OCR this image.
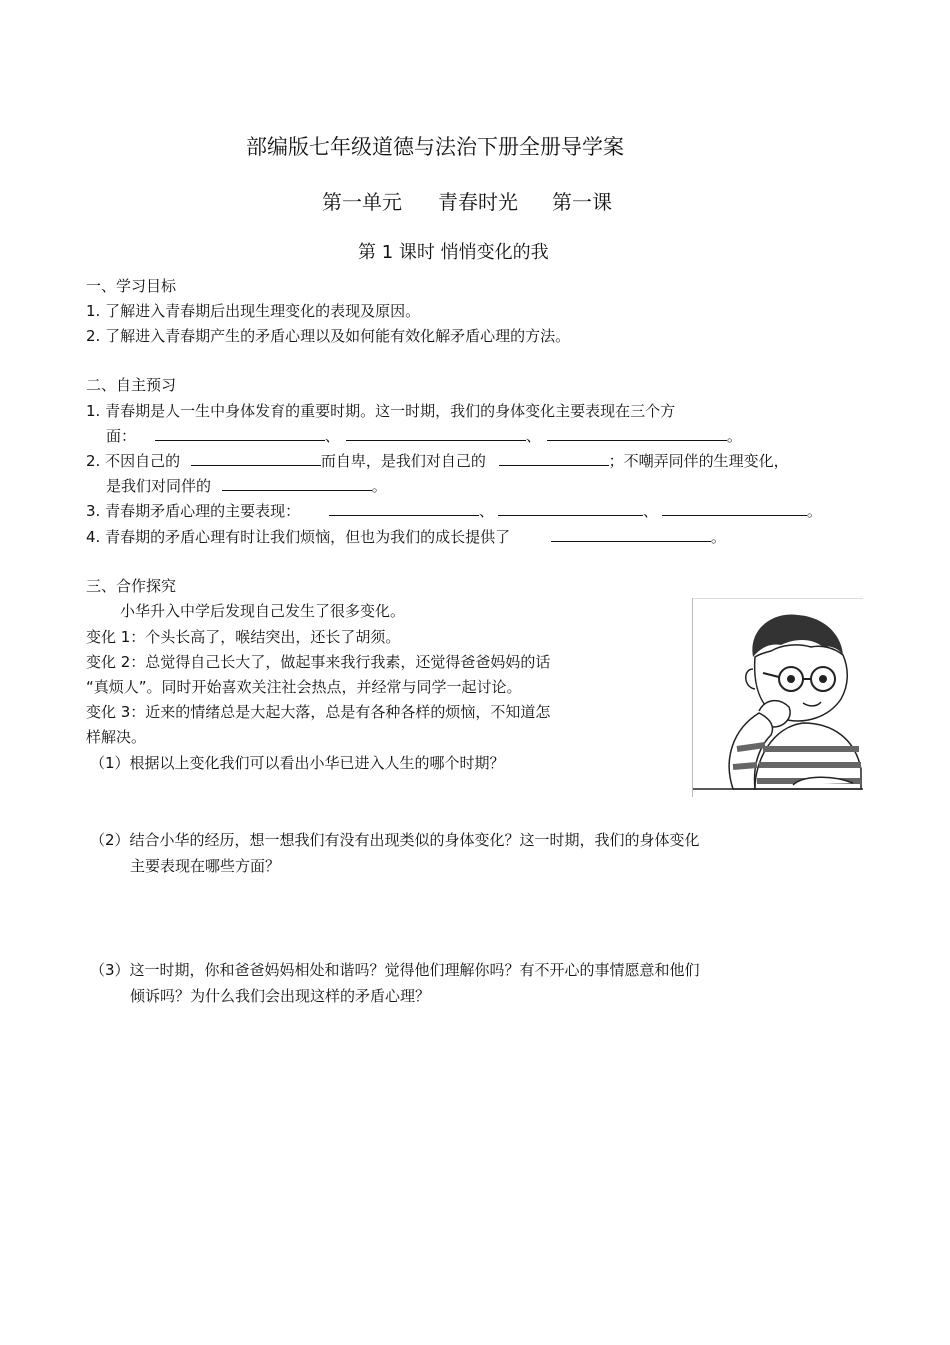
部编版七年级道德与法治下册全册导学案
第一单元 青春时光 第一课
第 1 课时 悄悄变化的我
一、学习目标
1. 了解进入青春期后出现生理变化的表现及原因。
2. 了解进入青春期产生的矛盾心理以及如何能有效化解矛盾心理的方法。
二、自主预习
1. 青春期是人一生中身体发育的重要时期。这一时期，我们的身体变化主要表现在三个方
面：	、	、	。
2. 不因自己的	而自卑，是我们对自己的	；不嘲弄同伴的生理变化，
是我们对同伴的	。
3. 青春期矛盾心理的主要表现：	、	、	。
4. 青春期的矛盾心理有时让我们烦恼，但也为我们的成长提供了	。
三、合作探究
小华升入中学后发现自己发生了很多变化。
变化 1：个头长高了，喉结突出，还长了胡须。
变化 2：总觉得自己长大了，做起事来我行我素，还觉得爸爸妈妈的话
“真烦人”。同时开始喜欢关注社会热点，并经常与同学一起讨论。
变化 3：近来的情绪总是大起大落，总是有各种各样的烦恼，不知道怎
样解决。
（1）根据以上变化我们可以看出小华已进入人生的哪个时期？
（2）结合小华的经历，想一想我们有没有出现类似的身体变化？这一时期，我们的身体变化
主要表现在哪些方面？
（3）这一时期，你和爸爸妈妈相处和谐吗？觉得他们理解你吗？有不开心的事情愿意和他们
倾诉吗？为什么我们会出现这样的矛盾心理？
